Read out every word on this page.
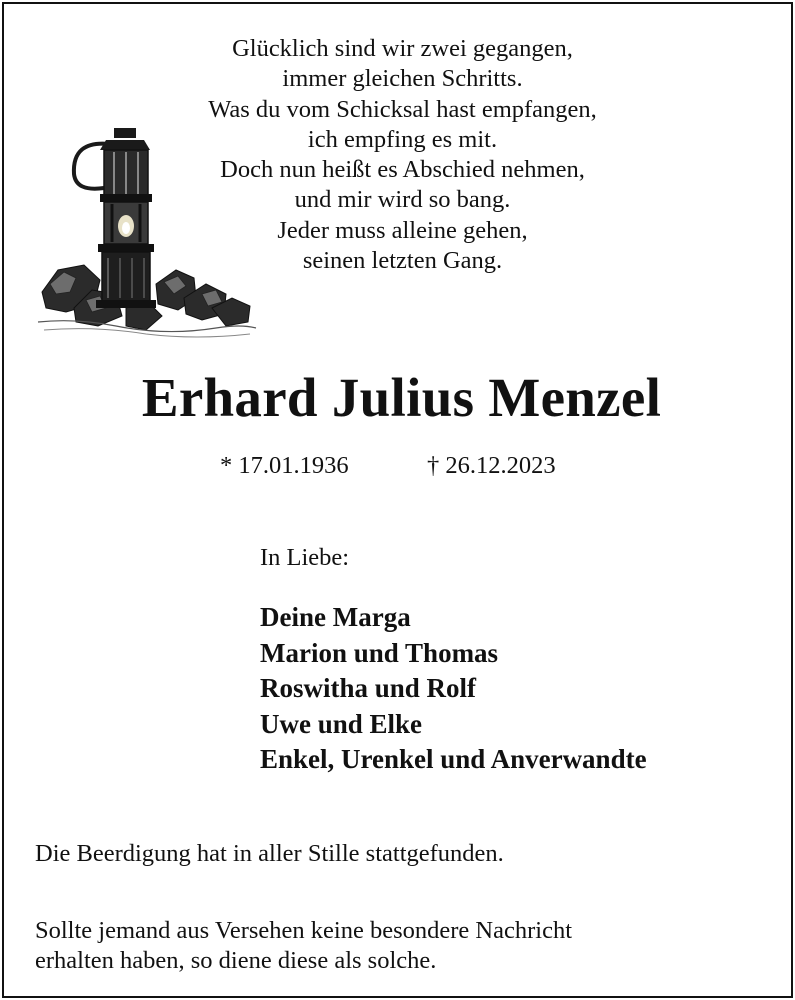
Glücklich sind wir zwei gegangen,
immer gleichen Schritts.
Was du vom Schicksal hast empfangen,
ich empfing es mit.
Doch nun heißt es Abschied nehmen,
und mir wird so bang.
Jeder muss alleine gehen,
seinen letzten Gang.
Erhard Julius Menzel
* 17.01.1936	† 26.12.2023
In Liebe:
Deine Marga
Marion und Thomas
Roswitha und Rolf
Uwe und Elke
Enkel, Urenkel und Anverwandte
Die Beerdigung hat in aller Stille stattgefunden.
Sollte jemand aus Versehen keine besondere Nachricht
erhalten haben, so diene diese als solche.
